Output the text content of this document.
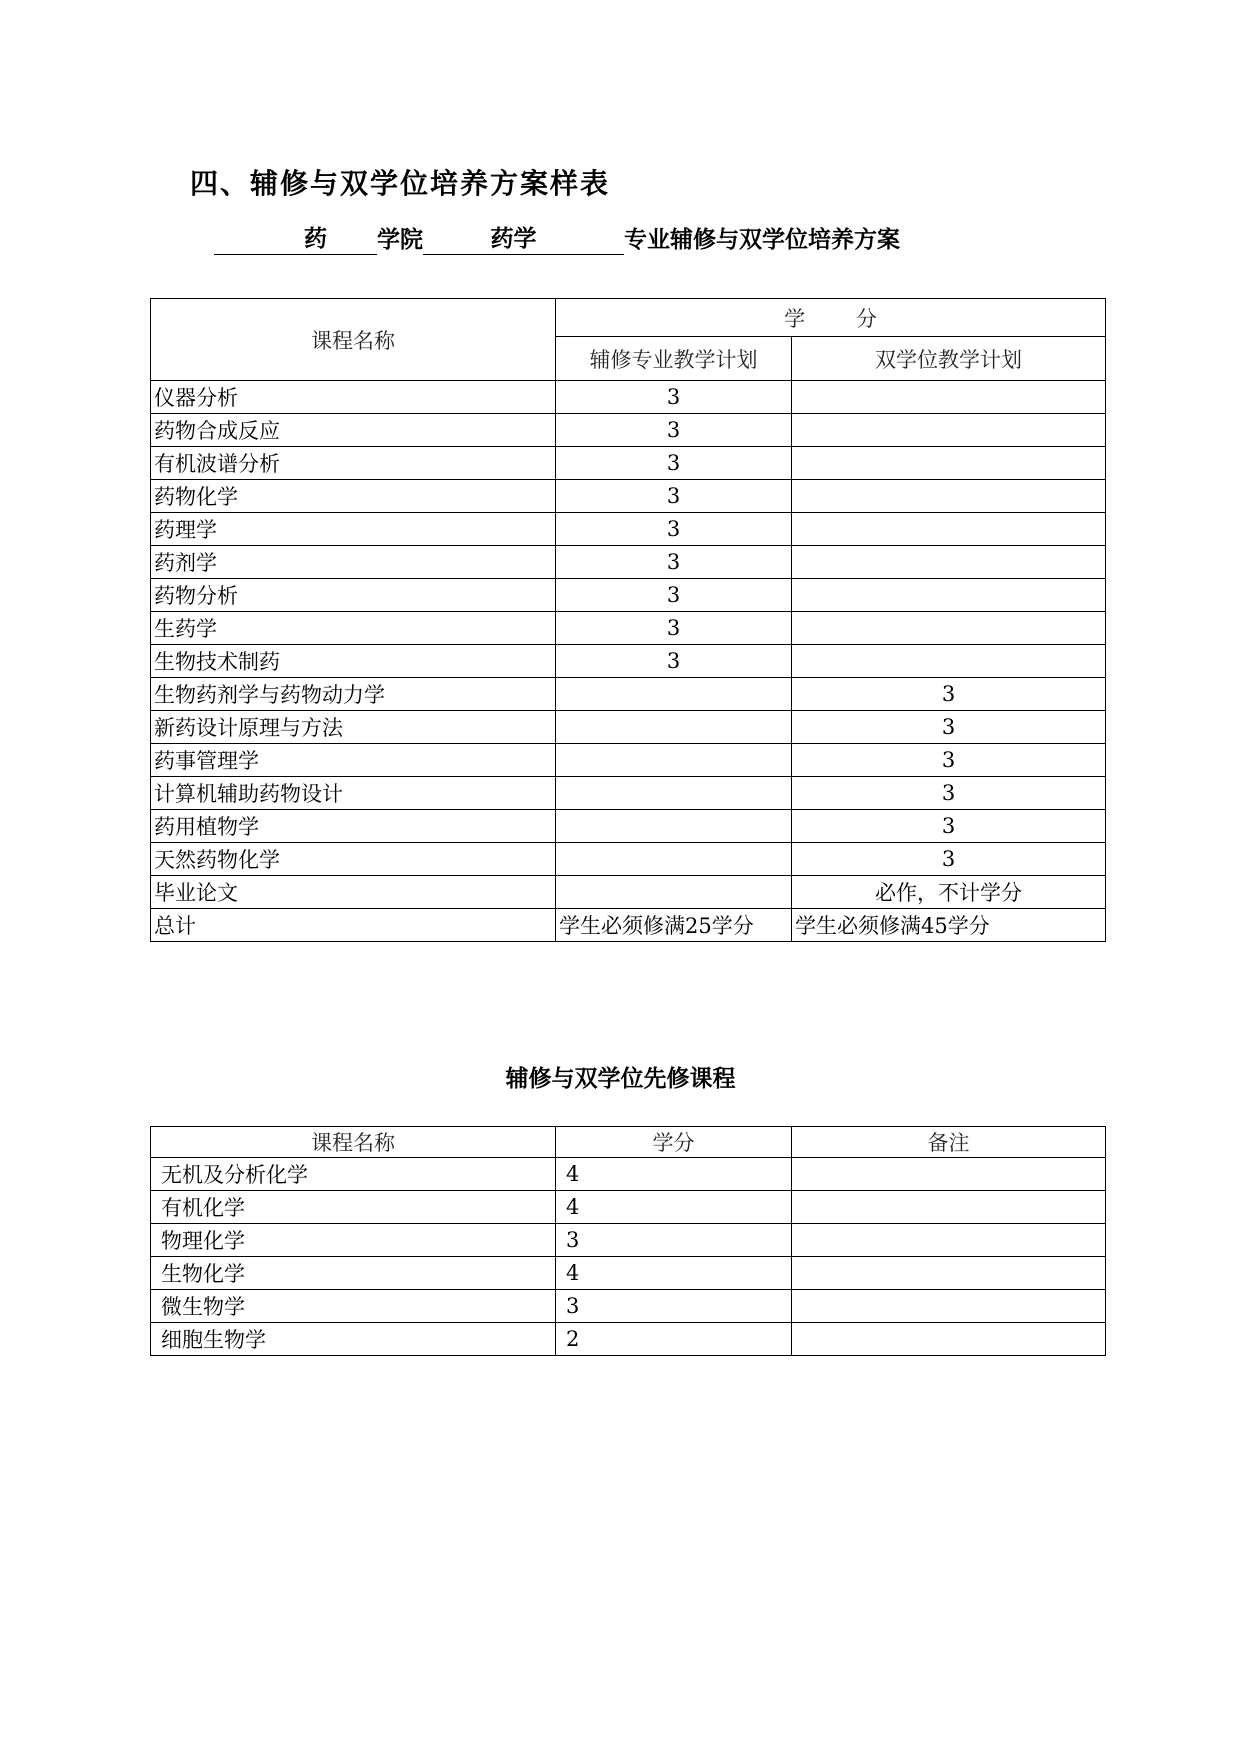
四、辅修与双学位培养方案样表
药	学院	药学	专业辅修与双学位培养方案
课程名称	学 分	
	辅修专业教学计划	双学位教学计划
仪器分析	3	
药物合成反应	3	
有机波谱分析	3	
药物化学	3	
药理学	3	
药剂学	3	
药物分析	3	
生药学	3	
生物技术制药	3	
生物药剂学与药物动力学		3
新药设计原理与方法		3
药事管理学		3
计算机辅助药物设计		3
药用植物学		3
天然药物化学		3
毕业论文		必作，不计学分
总计	学生必须修满25学分	学生必须修满45学分
辅修与双学位先修课程
课程名称	学分	备注
无机及分析化学	4	
有机化学	4	
物理化学	3	
生物化学	4	
微生物学	3	
细胞生物学	2	
